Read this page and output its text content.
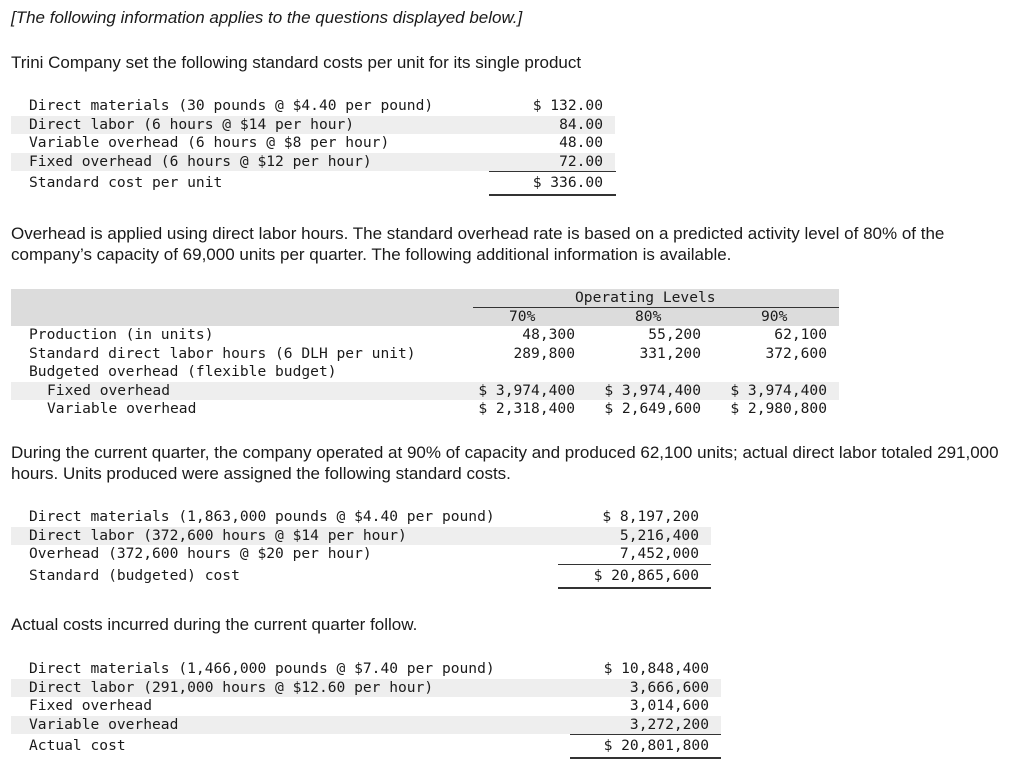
[The following information applies to the questions displayed below.]
Trini Company set the following standard costs per unit for its single product
Direct materials (30 pounds @ $4.40 per pound)	$ 132.00
Direct labor (6 hours @ $14 per hour)	84.00
Variable overhead (6 hours @ $8 per hour)	48.00
Fixed overhead (6 hours @ $12 per hour)	72.00
Standard cost per unit	$ 336.00
Overhead is applied using direct labor hours. The standard overhead rate is based on a predicted activity level of 80% of the company’s capacity of 69,000 units per quarter. The following additional information is available.
Operating Levels
70%	80%	90%
Production (in units)	48,300	55,200	62,100
Standard direct labor hours (6 DLH per unit)	289,800	331,200	372,600
Budgeted overhead (flexible budget)
Fixed overhead	$ 3,974,400 $ 3,974,400 $ 3,974,400
Variable overhead	$ 2,318,400 $ 2,649,600 $ 2,980,800
During the current quarter, the company operated at 90% of capacity and produced 62,100 units; actual direct labor totaled 291,000 hours. Units produced were assigned the following standard costs.
Direct materials (1,863,000 pounds @ $4.40 per pound)	$ 8,197,200
Direct labor (372,600 hours @ $14 per hour)	5,216,400
Overhead (372,600 hours @ $20 per hour)	7,452,000
Standard (budgeted) cost	$ 20,865,600
Actual costs incurred during the current quarter follow.
Direct materials (1,466,000 pounds @ $7.40 per pound)	$ 10,848,400
Direct labor (291,000 hours @ $12.60 per hour)	3,666,600
Fixed overhead	3,014,600
Variable overhead	3,272,200
Actual cost	$ 20,801,800
